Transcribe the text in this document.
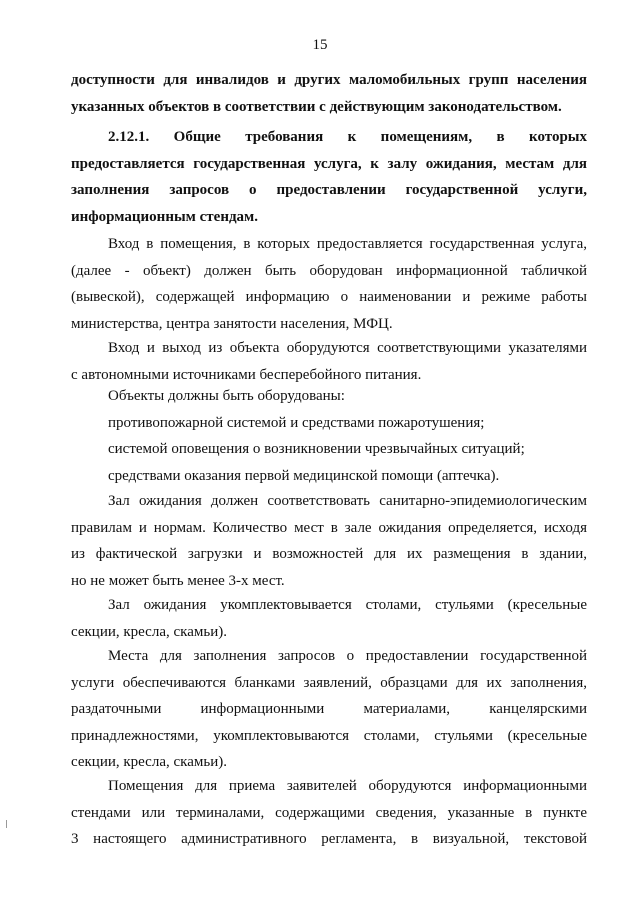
15
доступности для инвалидов и других маломобильных групп населения
указанных объектов в соответствии с действующим законодательством.
2.12.1. Общие требования к помещениям, в которых
предоставляется государственная услуга, к залу ожидания, местам для
заполнения запросов о предоставлении государственной услуги,
информационным стендам.
Вход в помещения, в которых предоставляется государственная услуга,
(далее - объект) должен быть оборудован информационной табличкой
(вывеской), содержащей информацию о наименовании и режиме работы
министерства, центра занятости населения, МФЦ.
Вход и выход из объекта оборудуются соответствующими указателями
с автономными источниками бесперебойного питания.
Объекты должны быть оборудованы:
противопожарной системой и средствами пожаротушения;
системой оповещения о возникновении чрезвычайных ситуаций;
средствами оказания первой медицинской помощи (аптечка).
Зал ожидания должен соответствовать санитарно-эпидемиологическим
правилам и нормам. Количество мест в зале ожидания определяется, исходя
из фактической загрузки и возможностей для их размещения в здании,
но не может быть менее 3-х мест.
Зал ожидания укомплектовывается столами, стульями (кресельные
секции, кресла, скамьи).
Места для заполнения запросов о предоставлении государственной
услуги обеспечиваются бланками заявлений, образцами для их заполнения,
раздаточными информационными материалами, канцелярскими
принадлежностями, укомплектовываются столами, стульями (кресельные
секции, кресла, скамьи).
Помещения для приема заявителей оборудуются информационными
стендами или терминалами, содержащими сведения, указанные в пункте
3 настоящего административного регламента, в визуальной, текстовой
